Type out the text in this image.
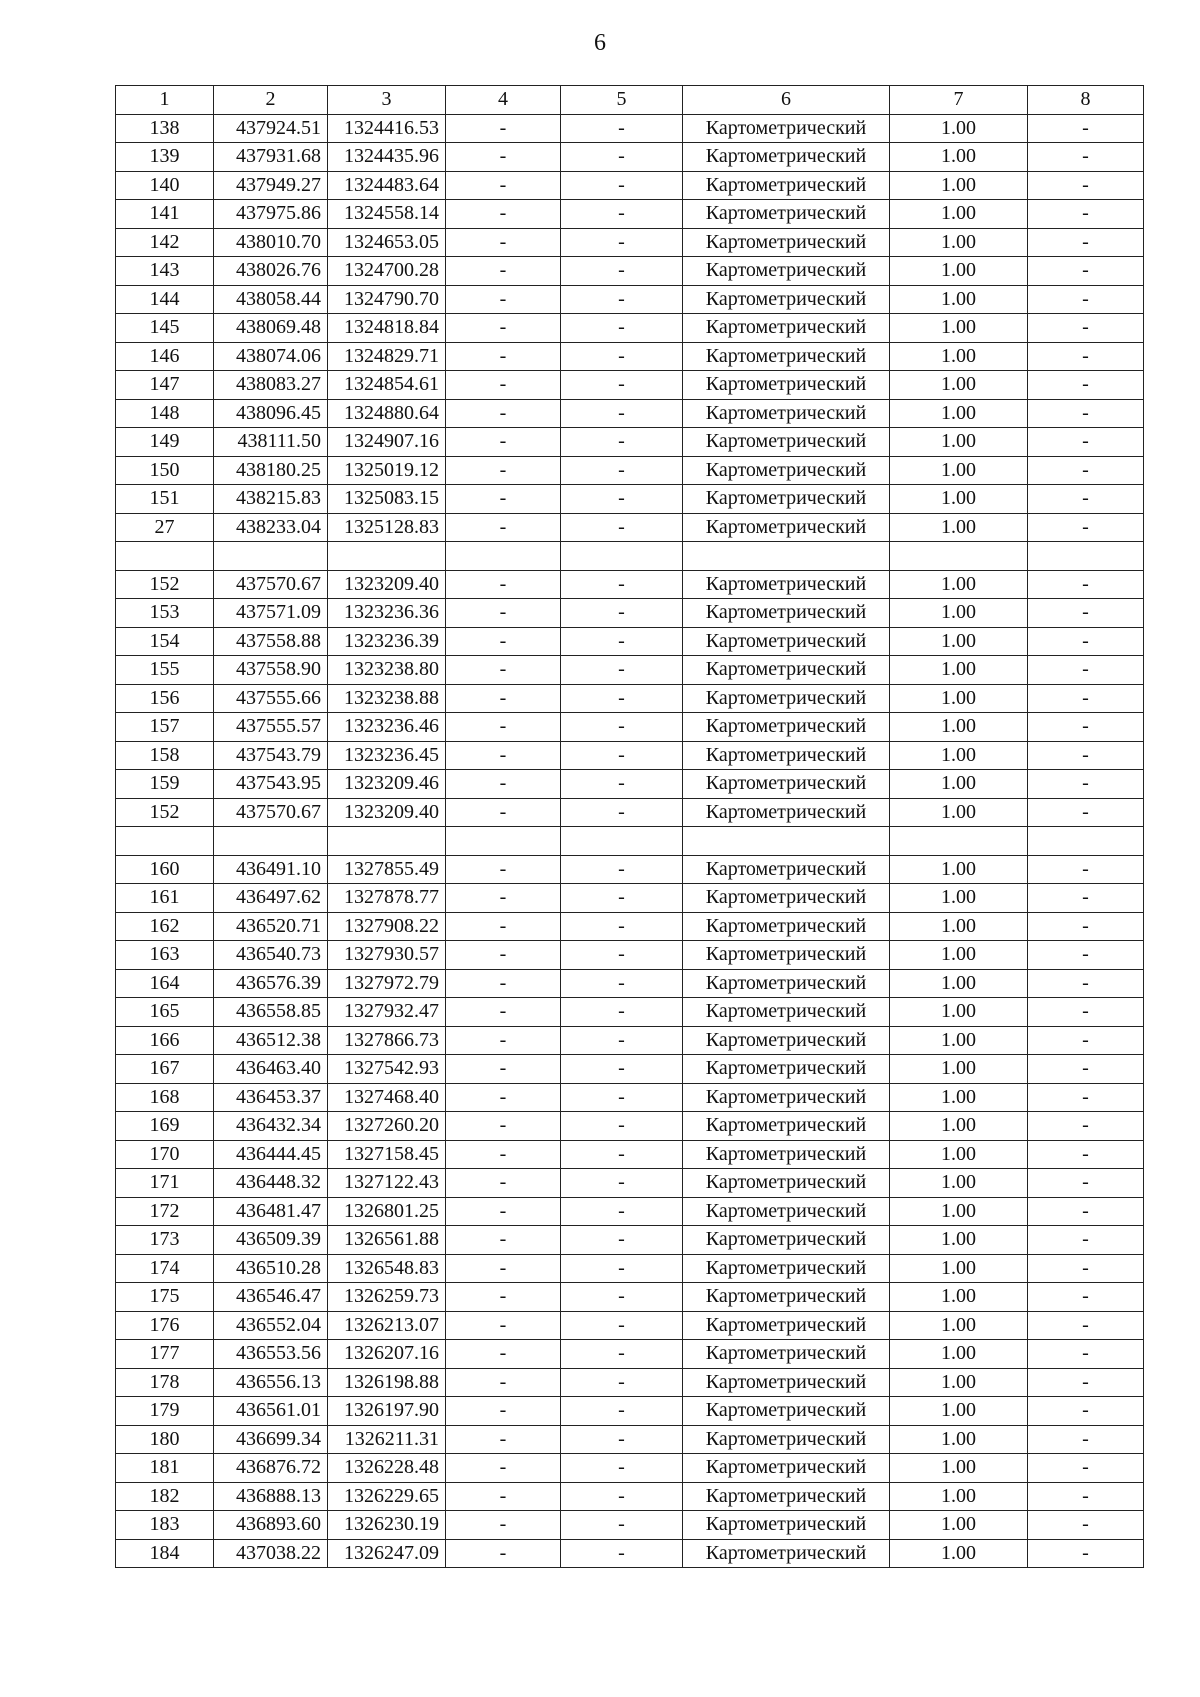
6
1	2	3	4	5	6	7	8
138	437924.51	1324416.53	-	-	Картометрический	1.00	-
139	437931.68	1324435.96	-	-	Картометрический	1.00	-
140	437949.27	1324483.64	-	-	Картометрический	1.00	-
141	437975.86	1324558.14	-	-	Картометрический	1.00	-
142	438010.70	1324653.05	-	-	Картометрический	1.00	-
143	438026.76	1324700.28	-	-	Картометрический	1.00	-
144	438058.44	1324790.70	-	-	Картометрический	1.00	-
145	438069.48	1324818.84	-	-	Картометрический	1.00	-
146	438074.06	1324829.71	-	-	Картометрический	1.00	-
147	438083.27	1324854.61	-	-	Картометрический	1.00	-
148	438096.45	1324880.64	-	-	Картометрический	1.00	-
149	438111.50	1324907.16	-	-	Картометрический	1.00	-
150	438180.25	1325019.12	-	-	Картометрический	1.00	-
151	438215.83	1325083.15	-	-	Картометрический	1.00	-
27	438233.04	1325128.83	-	-	Картометрический	1.00	-

152	437570.67	1323209.40	-	-	Картометрический	1.00	-
153	437571.09	1323236.36	-	-	Картометрический	1.00	-
154	437558.88	1323236.39	-	-	Картометрический	1.00	-
155	437558.90	1323238.80	-	-	Картометрический	1.00	-
156	437555.66	1323238.88	-	-	Картометрический	1.00	-
157	437555.57	1323236.46	-	-	Картометрический	1.00	-
158	437543.79	1323236.45	-	-	Картометрический	1.00	-
159	437543.95	1323209.46	-	-	Картометрический	1.00	-
152	437570.67	1323209.40	-	-	Картометрический	1.00	-

160	436491.10	1327855.49	-	-	Картометрический	1.00	-
161	436497.62	1327878.77	-	-	Картометрический	1.00	-
162	436520.71	1327908.22	-	-	Картометрический	1.00	-
163	436540.73	1327930.57	-	-	Картометрический	1.00	-
164	436576.39	1327972.79	-	-	Картометрический	1.00	-
165	436558.85	1327932.47	-	-	Картометрический	1.00	-
166	436512.38	1327866.73	-	-	Картометрический	1.00	-
167	436463.40	1327542.93	-	-	Картометрический	1.00	-
168	436453.37	1327468.40	-	-	Картометрический	1.00	-
169	436432.34	1327260.20	-	-	Картометрический	1.00	-
170	436444.45	1327158.45	-	-	Картометрический	1.00	-
171	436448.32	1327122.43	-	-	Картометрический	1.00	-
172	436481.47	1326801.25	-	-	Картометрический	1.00	-
173	436509.39	1326561.88	-	-	Картометрический	1.00	-
174	436510.28	1326548.83	-	-	Картометрический	1.00	-
175	436546.47	1326259.73	-	-	Картометрический	1.00	-
176	436552.04	1326213.07	-	-	Картометрический	1.00	-
177	436553.56	1326207.16	-	-	Картометрический	1.00	-
178	436556.13	1326198.88	-	-	Картометрический	1.00	-
179	436561.01	1326197.90	-	-	Картометрический	1.00	-
180	436699.34	1326211.31	-	-	Картометрический	1.00	-
181	436876.72	1326228.48	-	-	Картометрический	1.00	-
182	436888.13	1326229.65	-	-	Картометрический	1.00	-
183	436893.60	1326230.19	-	-	Картометрический	1.00	-
184	437038.22	1326247.09	-	-	Картометрический	1.00	-
